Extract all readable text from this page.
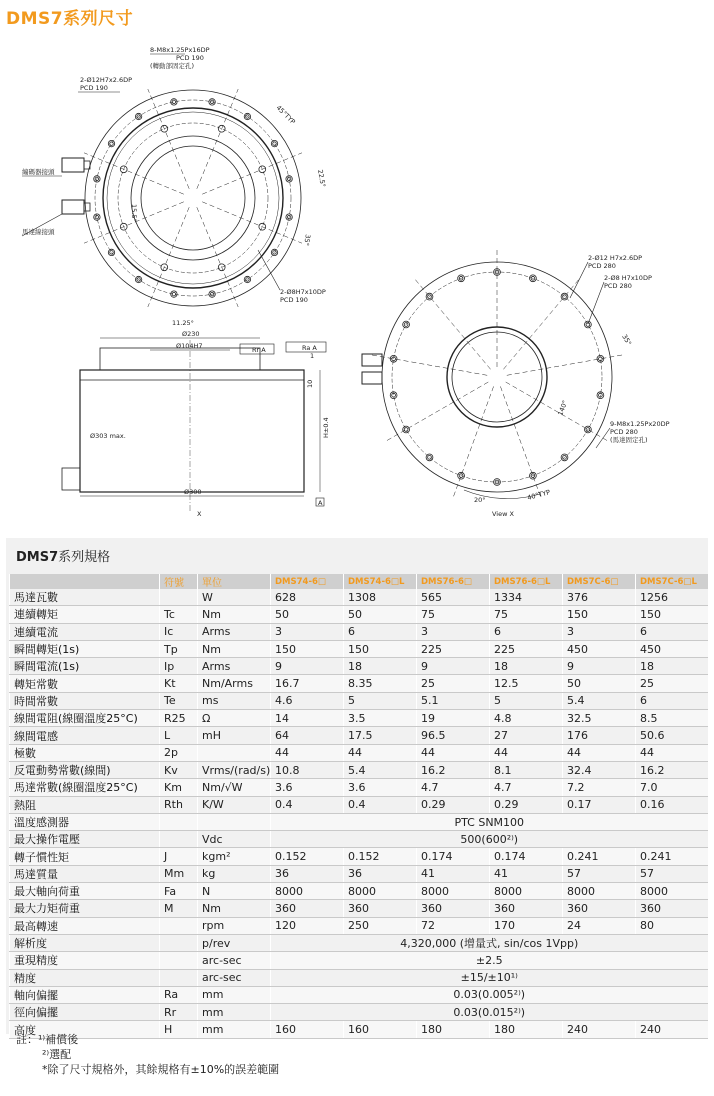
DMS7系列尺寸
8-M8x1.25Px16DP
PCD 190
(轉動部固定孔)
2-Ø12H7x2.6DP
PCD 190
45°TYP
22.5°
35°
15.5°
11.25°
編碼器接頭
馬達線接頭
2-Ø8H7x10DP
PCD 190
Ø230
Ø104H7
Ø303 max.
Ø300
10
1
H±0.4
A
Rr A	Ra A
X
2-Ø12 H7x2.6DP
PCD 280
2-Ø8 H7x10DP
PCD 280
35°
140°
9-M8x1.25Px20DP
PCD 280
(馬達固定孔)
20°	40°TYP
View X
DMS7系列規格
	符號	單位	DMS74-6□	DMS74-6□L	DMS76-6□	DMS76-6□L	DMS7C-6□	DMS7C-6□L
馬達瓦數		W	628	1308	565	1334	376	1256
連續轉矩	Tc	Nm	50	50	75	75	150	150
連續電流	Ic	Arms	3	6	3	6	3	6
瞬間轉矩(1s)	Tp	Nm	150	150	225	225	450	450
瞬間電流(1s)	Ip	Arms	9	18	9	18	9	18
轉矩常數	Kt	Nm/Arms	16.7	8.35	25	12.5	50	25
時間常數	Te	ms	4.6	5	5.1	5	5.4	6
線間電阻(線圈溫度25°C)	R25	Ω	14	3.5	19	4.8	32.5	8.5
線間電感	L	mH	64	17.5	96.5	27	176	50.6
極數	2p		44	44	44	44	44	44
反電動勢常數(線間)	Kv	Vrms/(rad/s)	10.8	5.4	16.2	8.1	32.4	16.2
馬達常數(線圈溫度25°C)	Km	Nm/√W	3.6	3.6	4.7	4.7	7.2	7.0
熱阻	Rth	K/W	0.4	0.4	0.29	0.29	0.17	0.16
溫度感測器			PTC SNM100					
最大操作電壓		Vdc	500(600²⁾)					
轉子慣性矩	J	kgm²	0.152	0.152	0.174	0.174	0.241	0.241
馬達質量	Mm	kg	36	36	41	41	57	57
最大軸向荷重	Fa	N	8000	8000	8000	8000	8000	8000
最大力矩荷重	M	Nm	360	360	360	360	360	360
最高轉速		rpm	120	250	72	170	24	80
解析度		p/rev	4,320,000 (增量式, sin/cos 1Vpp)					
重現精度		arc-sec	±2.5					
精度		arc-sec	±15/±10¹⁾					
軸向偏擺	Ra	mm	0.03(0.005²⁾)					
徑向偏擺	Rr	mm	0.03(0.015²⁾)					
高度	H	mm	160	160	180	180	240	240
註：¹⁾補償後
²⁾選配
*除了尺寸規格外，其餘規格有±10%的誤差範圍
